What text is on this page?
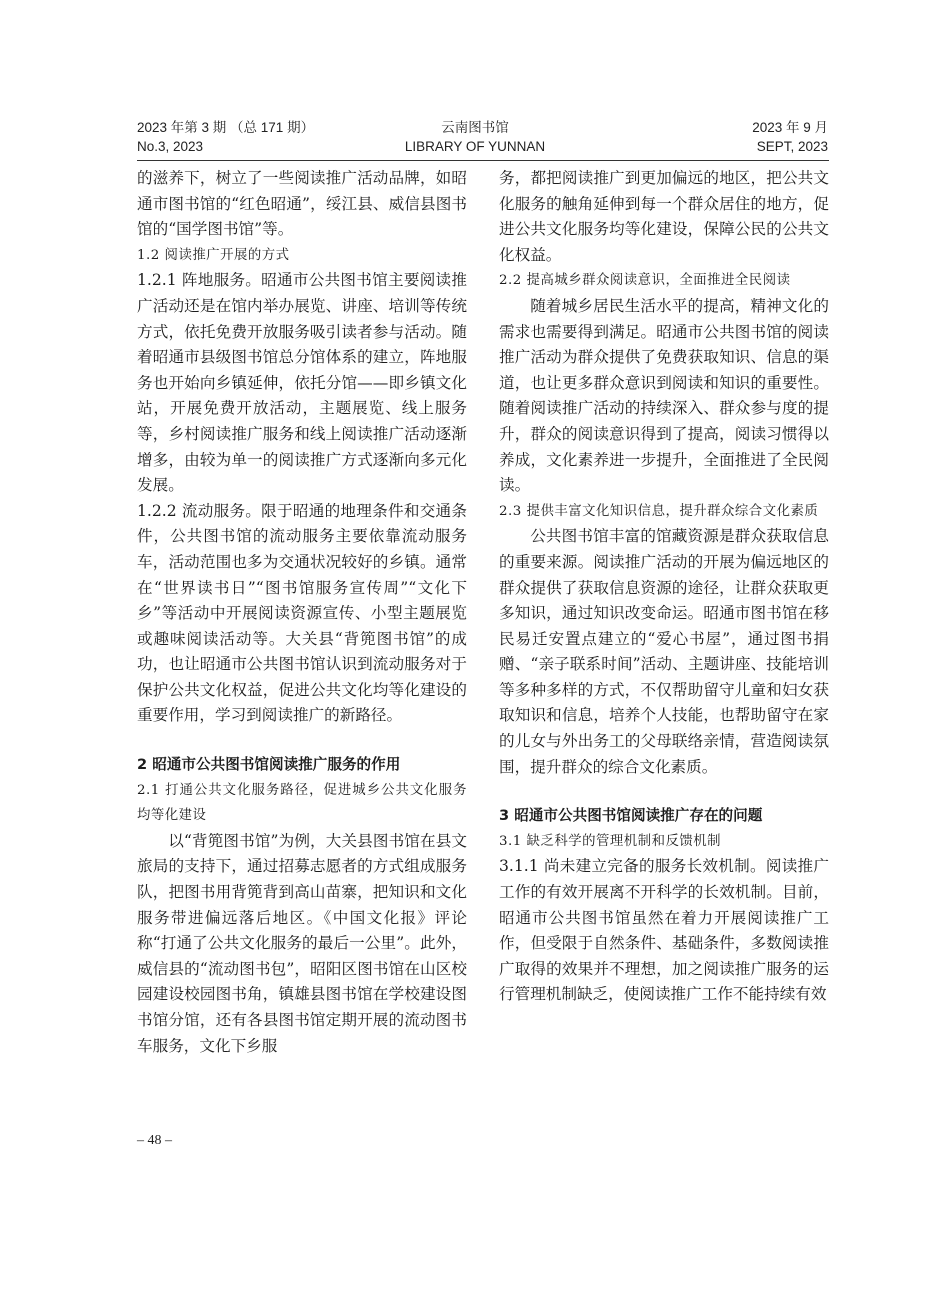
2023 年第 3 期 （总 171 期）
No.3, 2023
云南图书馆
LIBRARY OF YUNNAN
2023 年 9 月
SEPT, 2023

的滋养下，树立了一些阅读推广活动品牌，如昭通市图书馆的“红色昭通”，绥江县、威信县图书馆的“国学图书馆”等。

1.2 阅读推广开展的方式

1.2.1 阵地服务。昭通市公共图书馆主要阅读推广活动还是在馆内举办展览、讲座、培训等传统方式，依托免费开放服务吸引读者参与活动。随着昭通市县级图书馆总分馆体系的建立，阵地服务也开始向乡镇延伸，依托分馆——即乡镇文化站，开展免费开放活动，主题展览、线上服务等，乡村阅读推广服务和线上阅读推广活动逐渐增多，由较为单一的阅读推广方式逐渐向多元化发展。

1.2.2 流动服务。限于昭通的地理条件和交通条件，公共图书馆的流动服务主要依靠流动服务车，活动范围也多为交通状况较好的乡镇。通常在“世界读书日”“图书馆服务宣传周”“文化下乡”等活动中开展阅读资源宣传、小型主题展览或趣味阅读活动等。大关县“背篼图书馆”的成功，也让昭通市公共图书馆认识到流动服务对于保护公共文化权益，促进公共文化均等化建设的重要作用，学习到阅读推广的新路径。

2 昭通市公共图书馆阅读推广服务的作用

2.1 打通公共文化服务路径，促进城乡公共文化服务均等化建设

以“背篼图书馆”为例，大关县图书馆在县文旅局的支持下，通过招募志愿者的方式组成服务队，把图书用背篼背到高山苗寨，把知识和文化服务带进偏远落后地区。《中国文化报》评论称“打通了公共文化服务的最后一公里”。此外，威信县的“流动图书包”，昭阳区图书馆在山区校园建设校园图书角，镇雄县图书馆在学校建设图书馆分馆，还有各县图书馆定期开展的流动图书车服务，文化下乡服

务，都把阅读推广到更加偏远的地区，把公共文化服务的触角延伸到每一个群众居住的地方，促进公共文化服务均等化建设，保障公民的公共文化权益。

2.2 提高城乡群众阅读意识，全面推进全民阅读

随着城乡居民生活水平的提高，精神文化的需求也需要得到满足。昭通市公共图书馆的阅读推广活动为群众提供了免费获取知识、信息的渠道，也让更多群众意识到阅读和知识的重要性。随着阅读推广活动的持续深入、群众参与度的提升，群众的阅读意识得到了提高，阅读习惯得以养成，文化素养进一步提升，全面推进了全民阅读。

2.3 提供丰富文化知识信息，提升群众综合文化素质

公共图书馆丰富的馆藏资源是群众获取信息的重要来源。阅读推广活动的开展为偏远地区的群众提供了获取信息资源的途径，让群众获取更多知识，通过知识改变命运。昭通市图书馆在移民易迁安置点建立的“爱心书屋”，通过图书捐赠、“亲子联系时间”活动、主题讲座、技能培训等多种多样的方式，不仅帮助留守儿童和妇女获取知识和信息，培养个人技能，也帮助留守在家的儿女与外出务工的父母联络亲情，营造阅读氛围，提升群众的综合文化素质。

3 昭通市公共图书馆阅读推广存在的问题

3.1 缺乏科学的管理机制和反馈机制

3.1.1 尚未建立完备的服务长效机制。阅读推广工作的有效开展离不开科学的长效机制。目前，昭通市公共图书馆虽然在着力开展阅读推广工作，但受限于自然条件、基础条件，多数阅读推广取得的效果并不理想，加之阅读推广服务的运行管理机制缺乏，使阅读推广工作不能持续有效

– 48 –
